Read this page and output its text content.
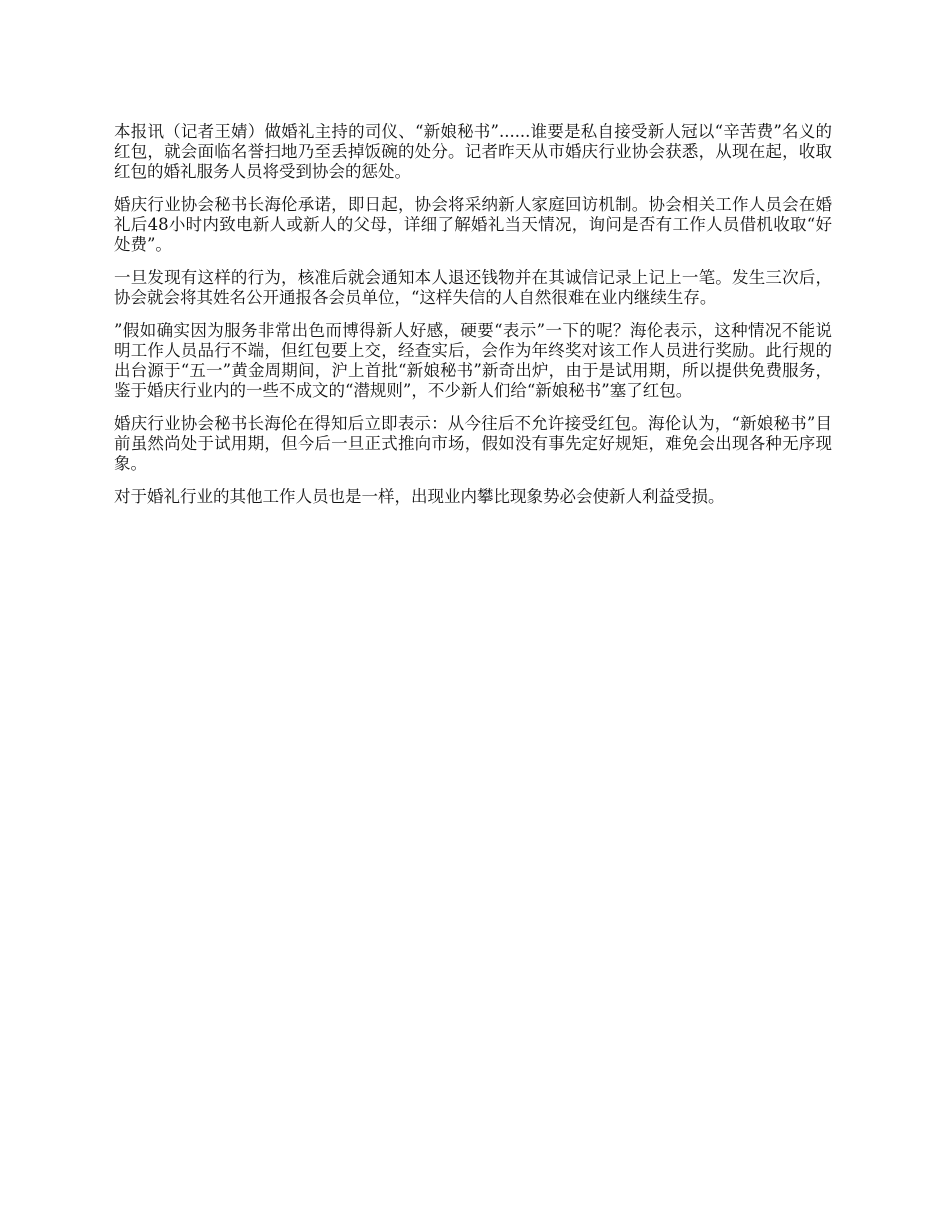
本报讯（记者王婧）做婚礼主持的司仪、“新娘秘书”......谁要是私自接受新人冠以“辛苦费”名义的红包，就会面临名誉扫地乃至丢掉饭碗的处分。记者昨天从市婚庆行业协会获悉，从现在起，收取红包的婚礼服务人员将受到协会的惩处。

婚庆行业协会秘书长海伦承诺，即日起，协会将采纳新人家庭回访机制。协会相关工作人员会在婚礼后48小时内致电新人或新人的父母，详细了解婚礼当天情况，询问是否有工作人员借机收取“好处费”。

一旦发现有这样的行为，核准后就会通知本人退还钱物并在其诚信记录上记上一笔。发生三次后，协会就会将其姓名公开通报各会员单位，“这样失信的人自然很难在业内继续生存。

”假如确实因为服务非常出色而博得新人好感，硬要“表示”一下的呢？海伦表示，这种情况不能说明工作人员品行不端，但红包要上交，经查实后，会作为年终奖对该工作人员进行奖励。此行规的出台源于“五一”黄金周期间，沪上首批“新娘秘书”新奇出炉，由于是试用期，所以提供免费服务，鉴于婚庆行业内的一些不成文的“潜规则”，不少新人们给“新娘秘书”塞了红包。

婚庆行业协会秘书长海伦在得知后立即表示：从今往后不允许接受红包。海伦认为，“新娘秘书”目前虽然尚处于试用期，但今后一旦正式推向市场，假如没有事先定好规矩，难免会出现各种无序现象。

对于婚礼行业的其他工作人员也是一样，出现业内攀比现象势必会使新人利益受损。
